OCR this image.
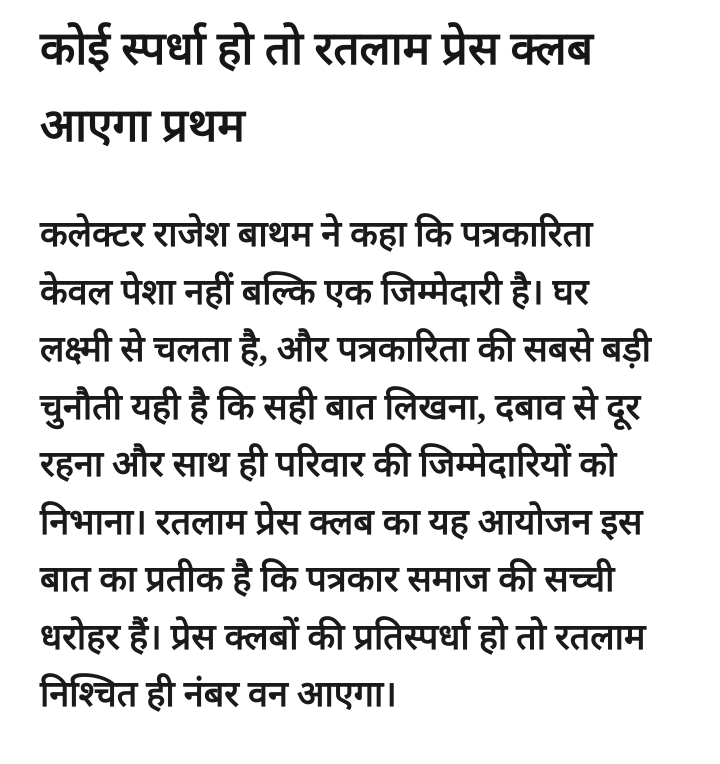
कोई स्पर्धा हो तो रतलाम प्रेस क्लब
आएगा प्रथम
कलेक्टर राजेश बाथम ने कहा कि पत्रकारिता
केवल पेशा नहीं बल्कि एक जिम्मेदारी है। घर
लक्ष्मी से चलता है, और पत्रकारिता की सबसे बड़ी
चुनौती यही है कि सही बात लिखना, दबाव से दूर
रहना और साथ ही परिवार की जिम्मेदारियों को
निभाना। रतलाम प्रेस क्लब का यह आयोजन इस
बात का प्रतीक है कि पत्रकार समाज की सच्ची
धरोहर हैं। प्रेस क्लबों की प्रतिस्पर्धा हो तो रतलाम
निश्चित ही नंबर वन आएगा।
